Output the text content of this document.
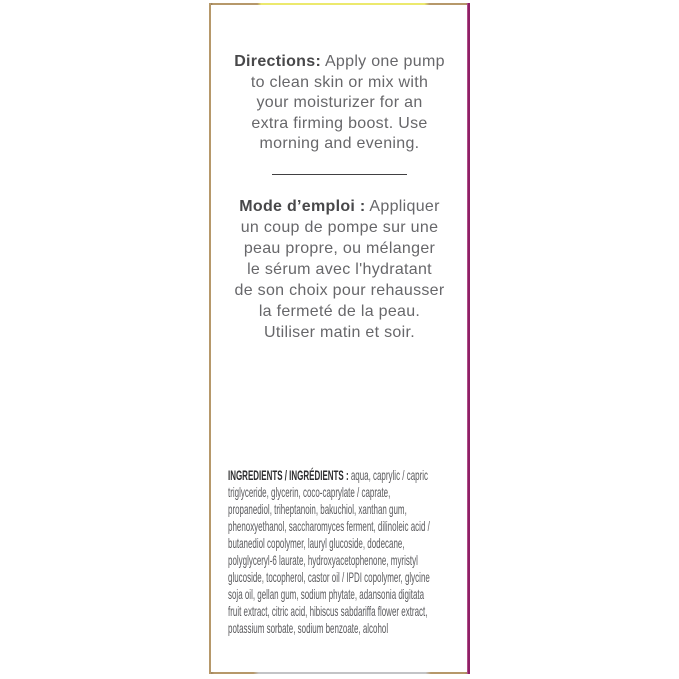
Directions: Apply one pump
to clean skin or mix with
your moisturizer for an
extra firming boost. Use
morning and evening.
Mode d’emploi : Appliquer
un coup de pompe sur une
peau propre, ou mélanger
le sérum avec l'hydratant
de son choix pour rehausser
la fermeté de la peau.
Utiliser matin et soir.
INGREDIENTS / INGRÉDIENTS : aqua, caprylic / capric
triglyceride, glycerin, coco-caprylate / caprate,
propanediol, triheptanoin, bakuchiol, xanthan gum,
phenoxyethanol, saccharomyces ferment, dilinoleic acid /
butanediol copolymer, lauryl glucoside, dodecane,
polyglyceryl-6 laurate, hydroxyacetophenone, myristyl
glucoside, tocopherol, castor oil / IPDI copolymer, glycine
soja oil, gellan gum, sodium phytate, adansonia digitata
fruit extract, citric acid, hibiscus sabdariffa flower extract,
potassium sorbate, sodium benzoate, alcohol
